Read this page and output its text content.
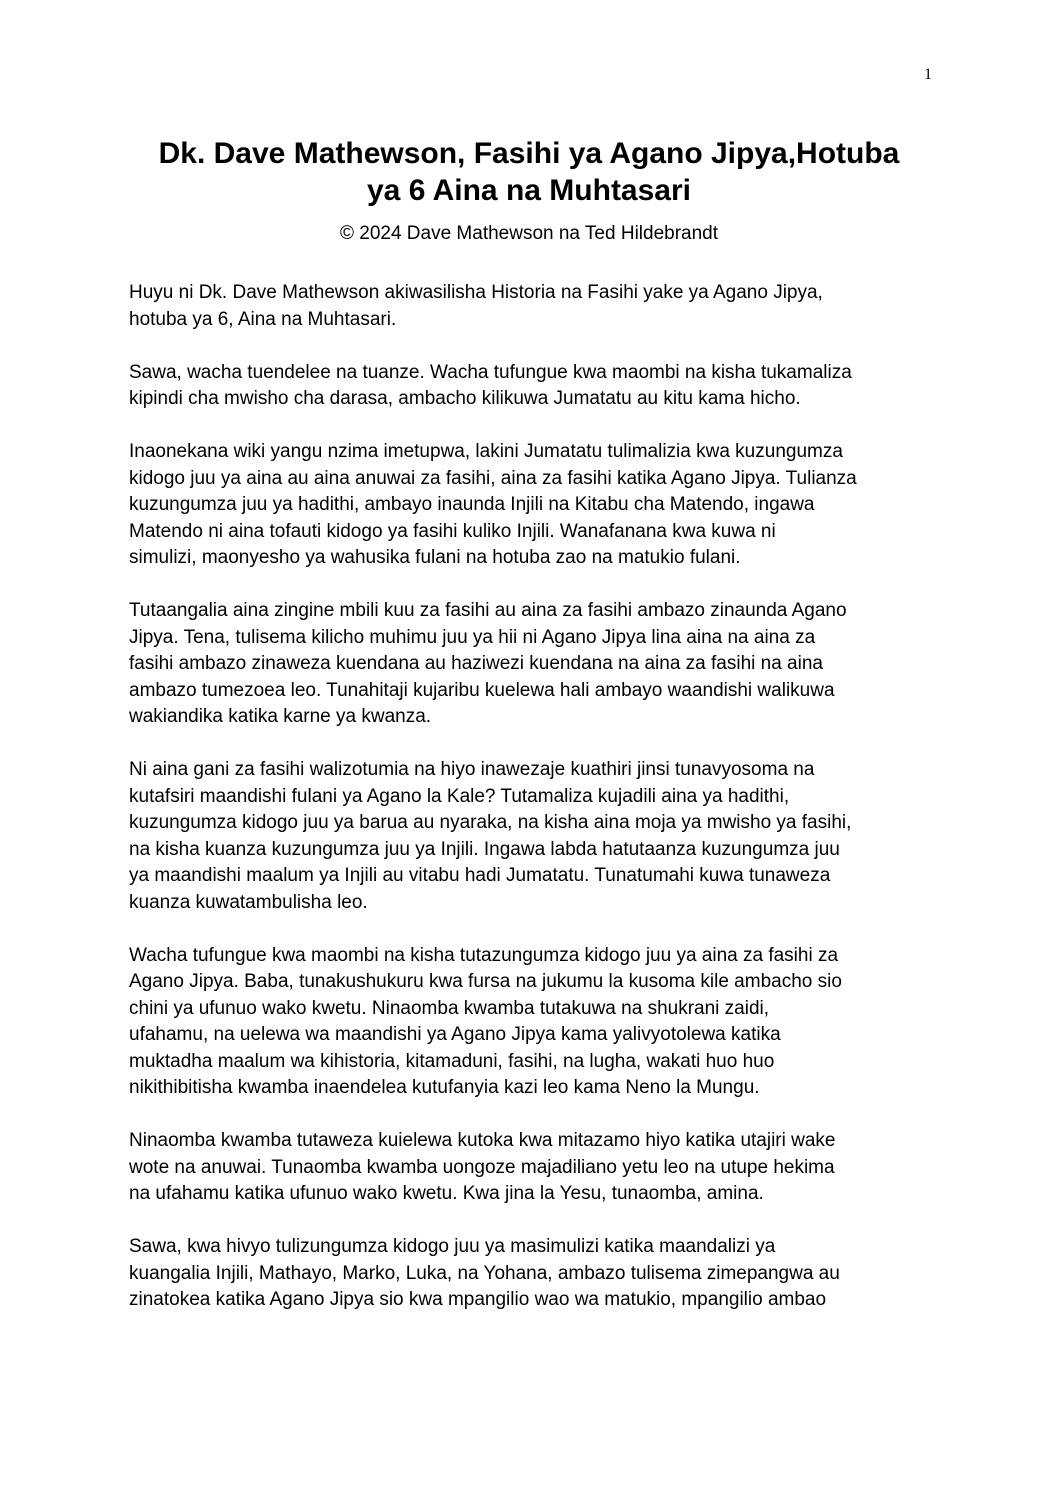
1
Dk. Dave Mathewson, Fasihi ya Agano Jipya,Hotuba
ya 6 Aina na Muhtasari
© 2024 Dave Mathewson na Ted Hildebrandt

Huyu ni Dk. Dave Mathewson akiwasilisha Historia na Fasihi yake ya Agano Jipya,
hotuba ya 6, Aina na Muhtasari.

Sawa, wacha tuendelee na tuanze. Wacha tufungue kwa maombi na kisha tukamaliza
kipindi cha mwisho cha darasa, ambacho kilikuwa Jumatatu au kitu kama hicho.

Inaonekana wiki yangu nzima imetupwa, lakini Jumatatu tulimalizia kwa kuzungumza
kidogo juu ya aina au aina anuwai za fasihi, aina za fasihi katika Agano Jipya. Tulianza
kuzungumza juu ya hadithi, ambayo inaunda Injili na Kitabu cha Matendo, ingawa
Matendo ni aina tofauti kidogo ya fasihi kuliko Injili. Wanafanana kwa kuwa ni
simulizi, maonyesho ya wahusika fulani na hotuba zao na matukio fulani.

Tutaangalia aina zingine mbili kuu za fasihi au aina za fasihi ambazo zinaunda Agano
Jipya. Tena, tulisema kilicho muhimu juu ya hii ni Agano Jipya lina aina na aina za
fasihi ambazo zinaweza kuendana au haziwezi kuendana na aina za fasihi na aina
ambazo tumezoea leo. Tunahitaji kujaribu kuelewa hali ambayo waandishi walikuwa
wakiandika katika karne ya kwanza.

Ni aina gani za fasihi walizotumia na hiyo inawezaje kuathiri jinsi tunavyosoma na
kutafsiri maandishi fulani ya Agano la Kale? Tutamaliza kujadili aina ya hadithi,
kuzungumza kidogo juu ya barua au nyaraka, na kisha aina moja ya mwisho ya fasihi,
na kisha kuanza kuzungumza juu ya Injili. Ingawa labda hatutaanza kuzungumza juu
ya maandishi maalum ya Injili au vitabu hadi Jumatatu. Tunatumahi kuwa tunaweza
kuanza kuwatambulisha leo.

Wacha tufungue kwa maombi na kisha tutazungumza kidogo juu ya aina za fasihi za
Agano Jipya. Baba, tunakushukuru kwa fursa na jukumu la kusoma kile ambacho sio
chini ya ufunuo wako kwetu. Ninaomba kwamba tutakuwa na shukrani zaidi,
ufahamu, na uelewa wa maandishi ya Agano Jipya kama yalivyotolewa katika
muktadha maalum wa kihistoria, kitamaduni, fasihi, na lugha, wakati huo huo
nikithibitisha kwamba inaendelea kutufanyia kazi leo kama Neno la Mungu.

Ninaomba kwamba tutaweza kuielewa kutoka kwa mitazamo hiyo katika utajiri wake
wote na anuwai. Tunaomba kwamba uongoze majadiliano yetu leo na utupe hekima
na ufahamu katika ufunuo wako kwetu. Kwa jina la Yesu, tunaomba, amina.

Sawa, kwa hivyo tulizungumza kidogo juu ya masimulizi katika maandalizi ya
kuangalia Injili, Mathayo, Marko, Luka, na Yohana, ambazo tulisema zimepangwa au
zinatokea katika Agano Jipya sio kwa mpangilio wao wa matukio, mpangilio ambao
